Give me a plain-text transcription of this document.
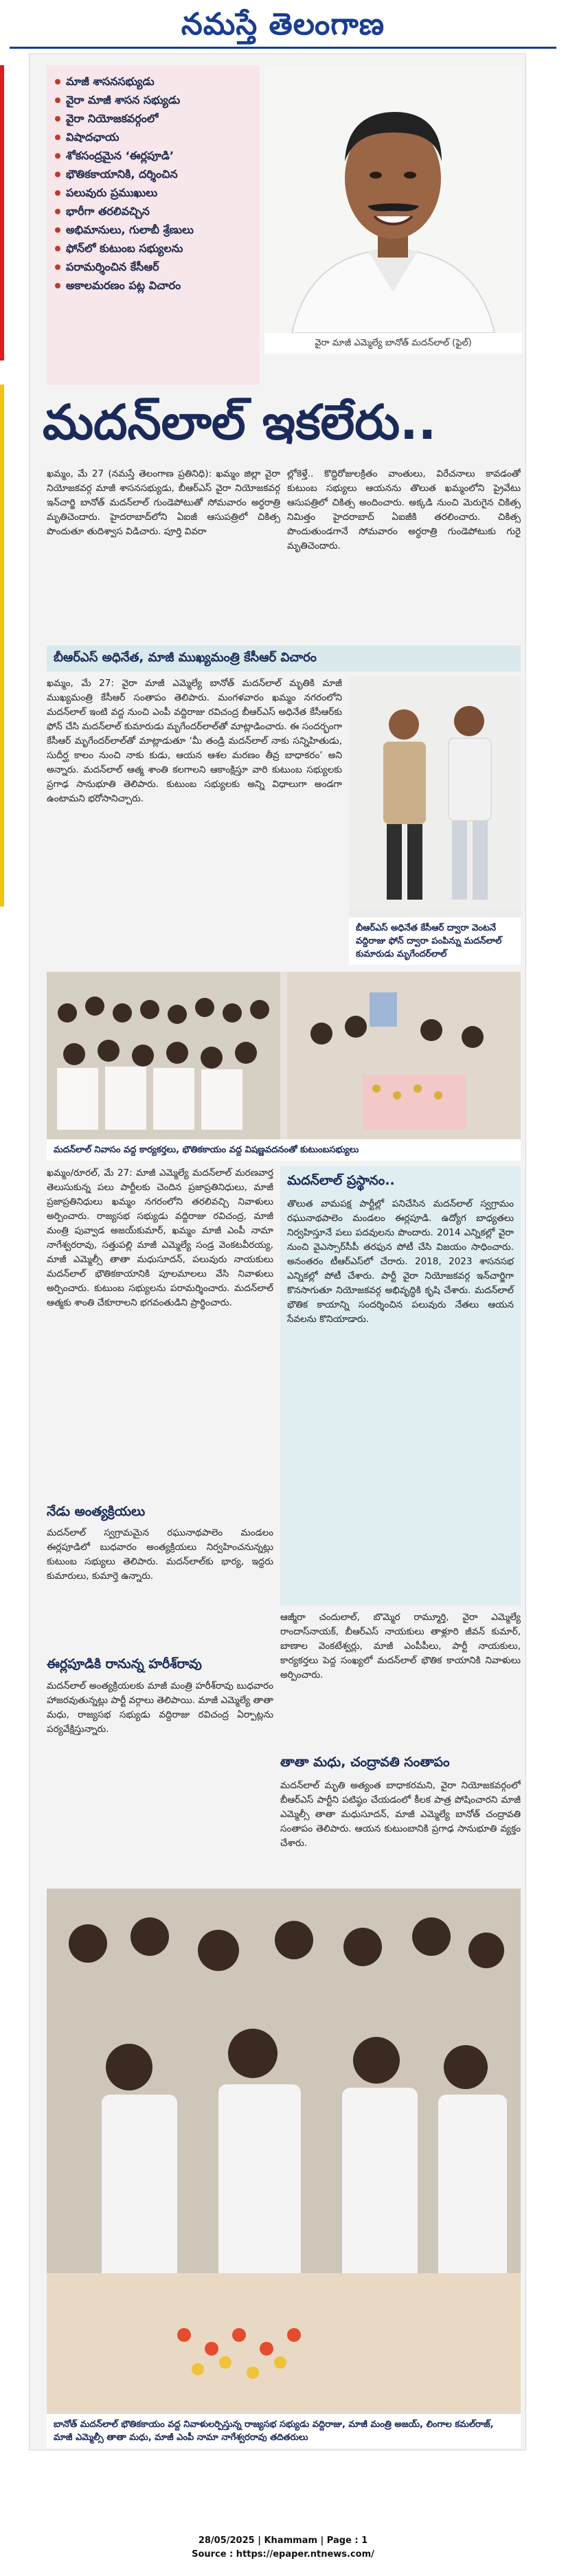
నమస్తే తెలంగాణ
మాజీ శాసనసభ్యుడు
వైరా మాజీ శాసన సభ్యుడు
వైరా నియోజకవర్గంలో
విషాదఛాయ
శోకసంద్రమైన ‘ఈర్లపూడి’
భౌతికకాయానికి, దర్శించిన
పలువురు ప్రముఖులు
భారీగా తరలివచ్చిన
అభిమానులు, గులాబీ శ్రేణులు
ఫోన్‌లో కుటుంబ సభ్యులను
పరామర్శించిన కేసీఆర్
అకాలమరణం పట్ల విచారం
వైరా మాజీ ఎమ్మెల్యే బానోత్ మదన్‌లాల్ (ఫైల్)
మదన్‌లాల్ ఇకలేరు..
ఖమ్మం, మే 27 (నమస్తే తెలంగాణ ప్రతినిధి): ఖమ్మం జిల్లా వైరా నియోజకవర్గ మాజీ శాసనసభ్యుడు, బీఆర్‌ఎస్ వైరా నియోజకవర్గ ఇన్‌చార్జి బానోత్ మదన్‌లాల్ గుండెపోటుతో సోమవారం అర్ధరాత్రి మృతిచెందారు. హైదరాబాద్‌లోని ఏఐజీ ఆసుపత్రిలో చికిత్స పొందుతూ తుదిశ్వాస విడిచారు. పూర్తి వివరా
ల్లోకెళ్తే.. కొద్దిరోజులక్రితం వాంతులు, విరేచనాలు కావడంతో కుటుంబ సభ్యులు ఆయనను తొలుత ఖమ్మంలోని ప్రైవేటు ఆసుపత్రిలో చికిత్స అందించారు. అక్కడి నుంచి మెరుగైన చికిత్స నిమిత్తం హైదరాబాద్ ఏఐజీకి తరలించారు. చికిత్స పొందుతుండగానే సోమవారం అర్ధరాత్రి గుండెపోటుకు గురై మృతిచెందారు.
బీఆర్‌ఎస్ అధినేత, మాజీ ముఖ్యమంత్రి కేసీఆర్ విచారం
ఖమ్మం, మే 27: వైరా మాజీ ఎమ్మెల్యే బానోత్ మదన్‌లాల్ మృతికి మాజీ ముఖ్యమంత్రి కేసీఆర్ సంతాపం తెలిపారు. మంగళవారం ఖమ్మం నగరంలోని మదన్‌లాల్ ఇంటి వద్ద నుంచి ఎంపీ వద్దిరాజు రవిచంద్ర బీఆర్‌ఎస్ అధినేత కేసీఆర్‌కు ఫోన్ చేసి మదన్‌లాల్ కుమారుడు మృగేందర్‌లాల్‌తో మాట్లాడించారు. ఈ సందర్భంగా కేసీఆర్ మృగేందర్‌లాల్‌తో మాట్లాడుతూ ‘మీ తండ్రి మదన్‌లాల్ నాకు సన్నిహితుడు, సుదీర్ఘ కాలం నుంచి నాకు కుడు, ఆయన ఆశల మరణం తీవ్ర బాధాకరం’ అని అన్నారు. మదన్‌లాల్ ఆత్మ శాంతి కలగాలని ఆకాంక్షిస్తూ వారి కుటుంబ సభ్యులకు ప్రగాఢ సానుభూతి తెలిపారు. కుటుంబ సభ్యులకు అన్ని విధాలుగా అండగా ఉంటామని భరోసానిచ్చారు.
బీఆర్‌ఎస్ అధినేత కేసీఆర్ ద్వారా వెంటనే వద్దిరాజు ఫోన్ ద్వారా పంపిన్ను మదన్‌లాల్ కుమారుడు మృగేందర్‌లాల్
మదన్‌లాల్ నివాసం వద్ద కార్యకర్తలు, భౌతికకాయం వద్ద విషణ్ణవదనంతో కుటుంబసభ్యులు
ఖమ్మం/రూరల్, మే 27: మాజీ ఎమ్మెల్యే మదన్‌లాల్ మరణవార్త తెలుసుకున్న పలు పార్టీలకు చెందిన ప్రజాప్రతినిధులు, మాజీ ప్రజాప్రతినిధులు ఖమ్మం నగరంలోని తరలివచ్చి నివాళులు అర్పించారు. రాజ్యసభ సభ్యుడు వద్దిరాజు రవిచంద్ర, మాజీ మంత్రి పువ్వాడ అజయ్‌కుమార్, ఖమ్మం మాజీ ఎంపీ నామా నాగేశ్వరరావు, సత్తుపల్లి మాజీ ఎమ్మెల్యే సండ్ర వెంకటవీరయ్య, మాజీ ఎమ్మెల్సీ తాతా మధుసూదన్, పలువురు నాయకులు మదన్‌లాల్ భౌతికకాయానికి పూలమాలలు వేసి నివాళులు అర్పించారు. కుటుంబ సభ్యులను పరామర్శించారు. మదన్‌లాల్ ఆత్మకు శాంతి చేకూరాలని భగవంతుడిని ప్రార్థించారు.
నేడు అంత్యక్రియలు
మదన్‌లాల్ స్వగ్రామమైన రఘునాథపాలెం మండలం ఈర్లపూడిలో బుధవారం అంత్యక్రియలు నిర్వహించనున్నట్లు కుటుంబ సభ్యులు తెలిపారు. మదన్‌లాల్‌కు భార్య, ఇద్దరు కుమారులు, కుమార్తె ఉన్నారు.
ఈర్లపూడికి రానున్న హరీశ్‌రావు
మదన్‌లాల్ అంత్యక్రియలకు మాజీ మంత్రి హరీశ్‌రావు బుధవారం హాజరవుతున్నట్లు పార్టీ వర్గాలు తెలిపాయి. మాజీ ఎమ్మెల్యే తాతా మధు, రాజ్యసభ సభ్యుడు వద్దిరాజు రవిచంద్ర ఏర్పాట్లను పర్యవేక్షిస్తున్నారు.
మదన్‌లాల్ ప్రస్థానం..
తొలుత వామపక్ష పార్టీల్లో పనిచేసిన మదన్‌లాల్ స్వగ్రామం రఘునాథపాలెం మండలం ఈర్లపూడి. ఉద్యోగ బాధ్యతలు నిర్వహిస్తూనే పలు పదవులను పొందారు. 2014 ఎన్నికల్లో వైరా నుంచి వైఎస్సార్‌సీపీ తరఫున పోటీ చేసి విజయం సాధించారు. అనంతరం టీఆర్‌ఎస్‌లో చేరారు. 2018, 2023 శాసనసభ ఎన్నికల్లో పోటీ చేశారు. పార్టీ వైరా నియోజకవర్గ ఇన్‌చార్జిగా కొనసాగుతూ నియోజకవర్గ అభివృద్ధికి కృషి చేశారు. మదన్‌లాల్ భౌతిక కాయాన్ని సందర్శించిన పలువురు నేతలు ఆయన సేవలను కొనియాడారు.
ఆజ్మీరా చందులాల్, బొమ్మెర రామ్మూర్తి, వైరా ఎమ్మెల్యే రాందాస్‌నాయక్, బీఆర్‌ఎస్ నాయకులు తాళ్లూరి జీవన్ కుమార్, బాణాల వెంకటేశ్వర్లు, మాజీ ఎంపీపీలు, పార్టీ నాయకులు, కార్యకర్తలు పెద్ద సంఖ్యలో మదన్‌లాల్ భౌతిక కాయానికి నివాళులు అర్పించారు.
తాతా మధు, చంద్రావతి సంతాపం
మదన్‌లాల్ మృతి అత్యంత బాధాకరమని, వైరా నియోజకవర్గంలో బీఆర్‌ఎస్ పార్టీని పటిష్ఠం చేయడంలో కీలక పాత్ర పోషించారని మాజీ ఎమ్మెల్సీ తాతా మధుసూదన్, మాజీ ఎమ్మెల్యే బానోత్ చంద్రావతి సంతాపం తెలిపారు. ఆయన కుటుంబానికి ప్రగాఢ సానుభూతి వ్యక్తం చేశారు.
బానోత్ మదన్‌లాల్ భౌతికకాయం వద్ద నివాళులర్పిస్తున్న రాజ్యసభ సభ్యుడు వద్దిరాజు, మాజీ మంత్రి అజయ్, లింగాల కమల్‌రాజ్, మాజీ ఎమ్మెల్సీ తాతా మధు, మాజీ ఎంపీ నామా నాగేశ్వరరావు తదితరులు
28/05/2025 | Khammam | Page : 1
Source : https://epaper.ntnews.com/
